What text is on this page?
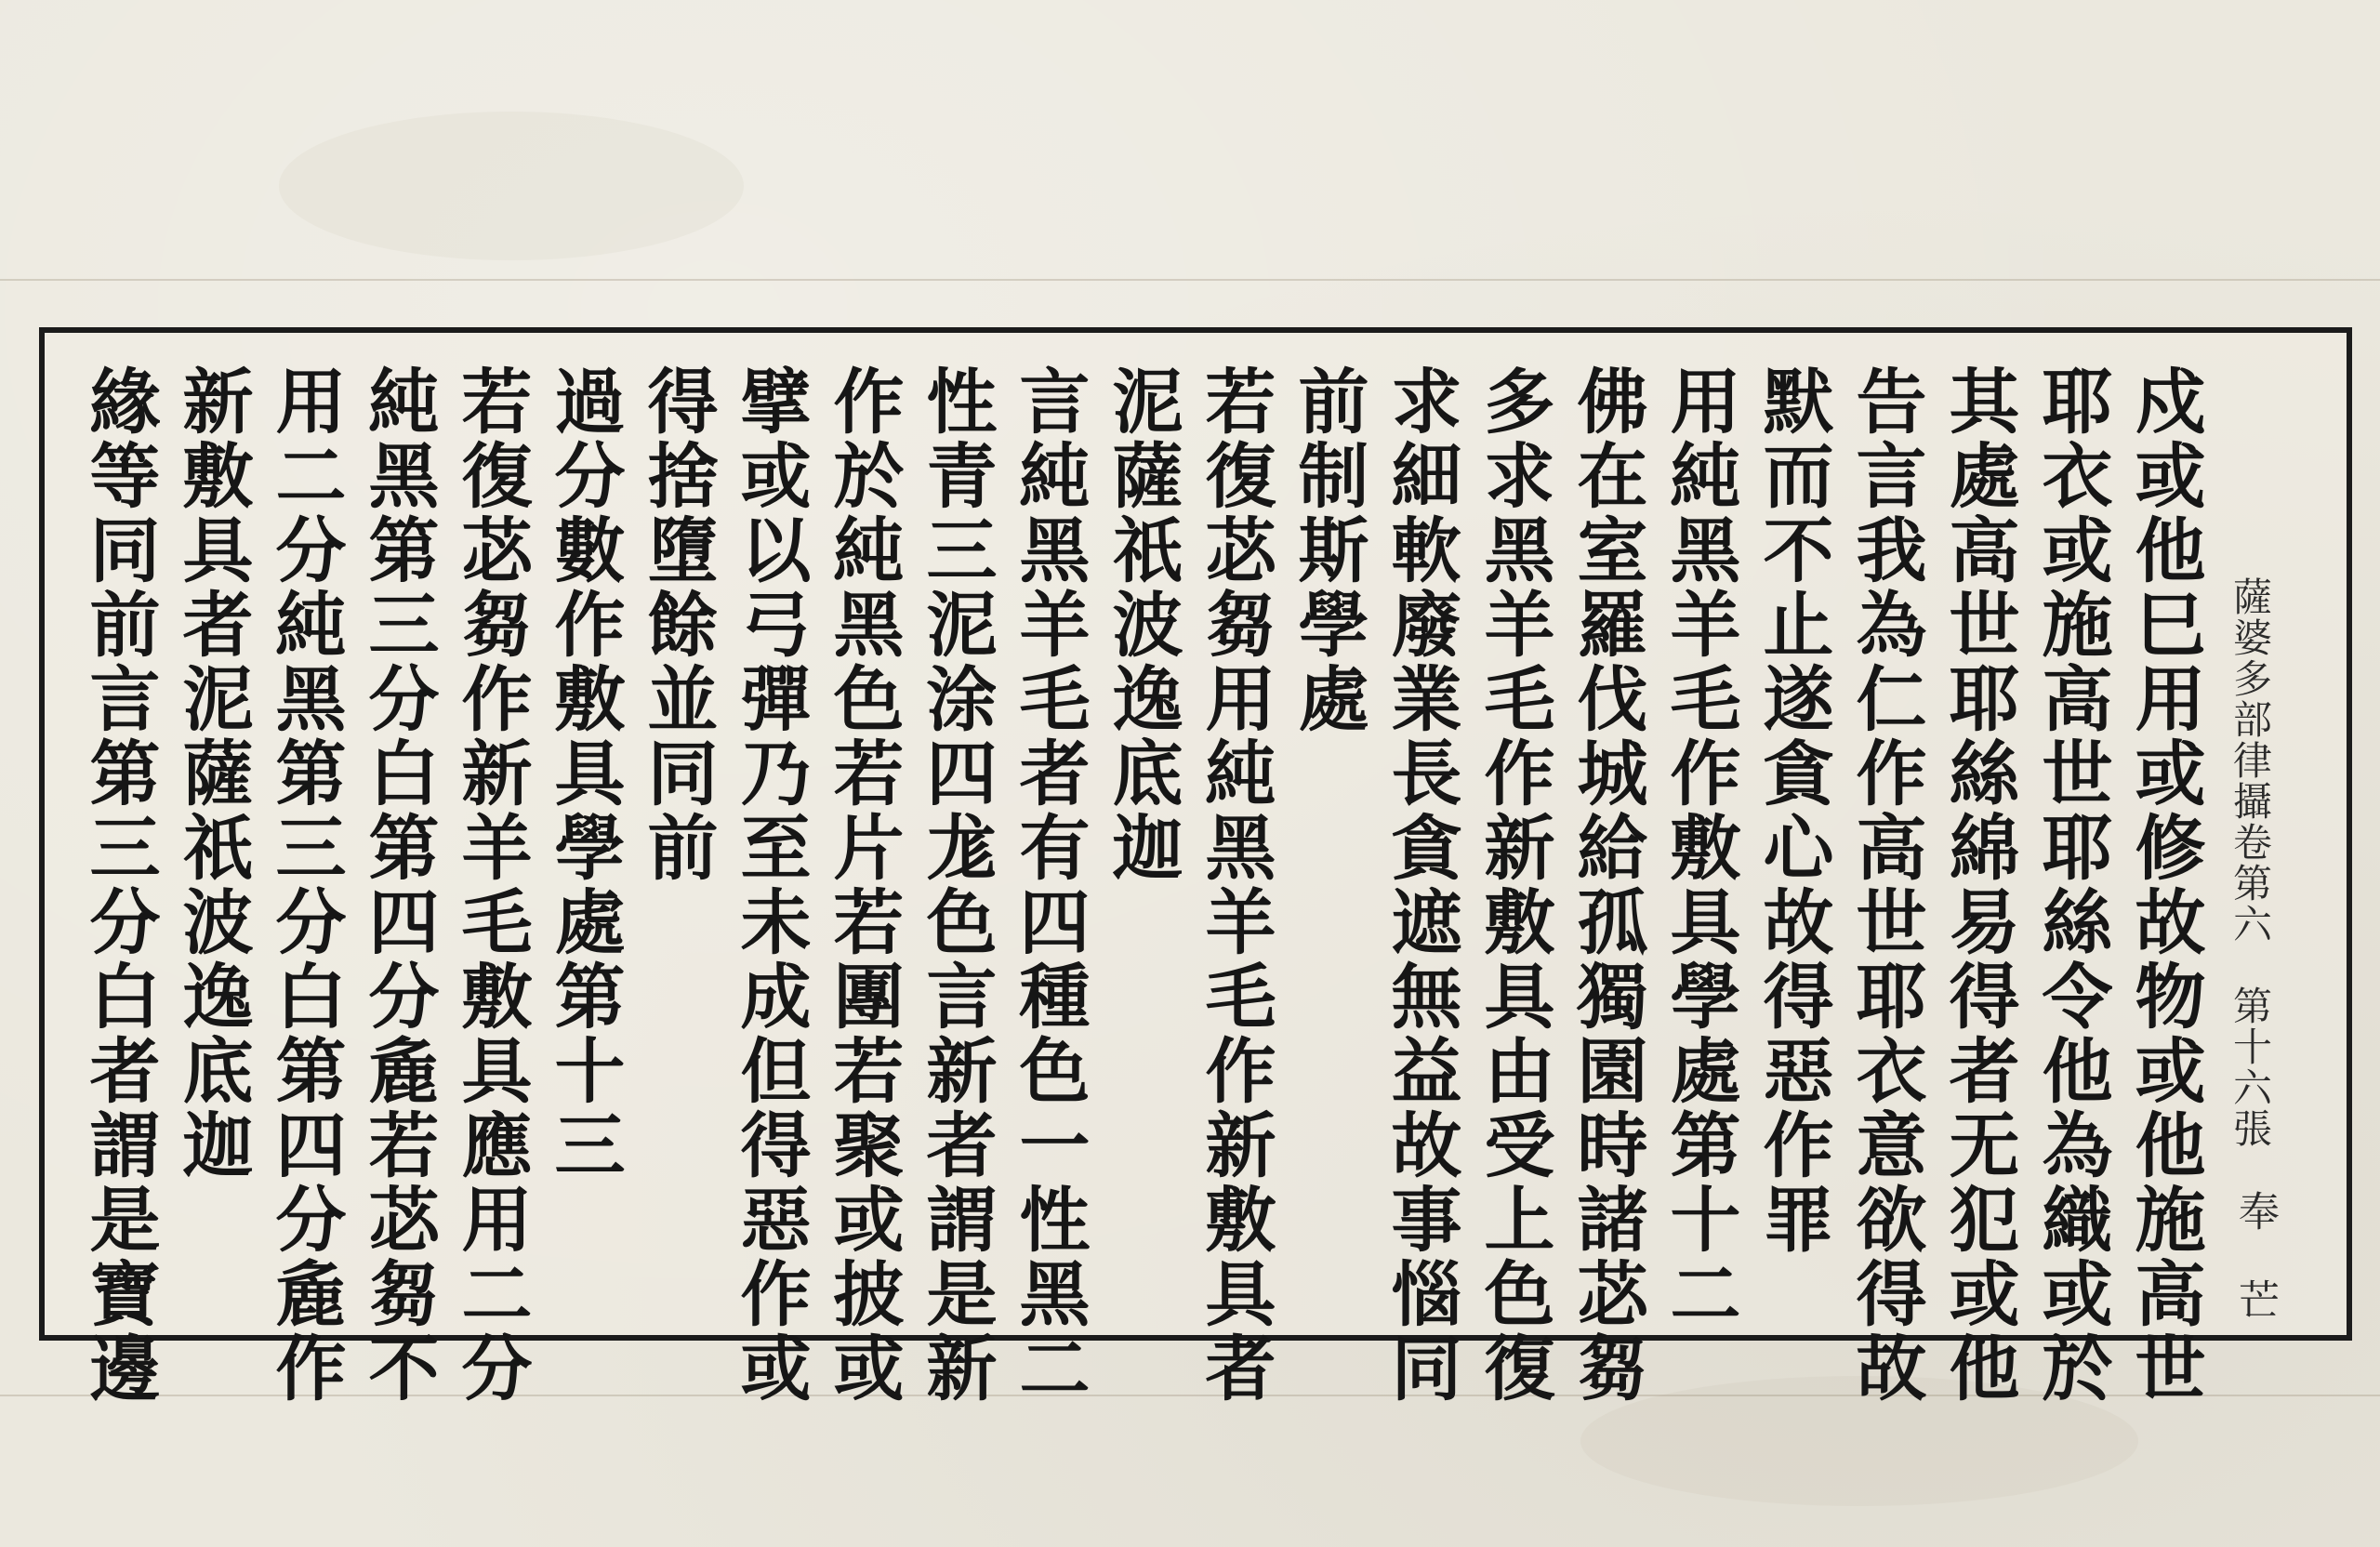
薩婆多部律攝卷第六　第十六張
奉 芒
戍或他巳用或修故物或他施高世
耶衣或施高世耶絲令他為織或於
其處高世耶絲綿易得者无犯或他
告言我為仁作高世耶衣意欲得故
默而不止遂貪心故得惡作罪
用純黑羊毛作敷具學處第十二
佛在室羅伐城給孤獨園時諸苾芻
多求黑羊毛作新敷具由受上色復
求細軟廢業長貪遮無益故事惱同
前制斯學處
若復苾芻用純黑羊毛作新敷具者
泥薩祇波逸底迦
言純黑羊毛者有四種色一性黑二
性青三泥涂四尨色言新者謂是新
作於純黑色若片若團若聚或披或
擘或以弓彈乃至未成但得惡作或
得捨墮餘並同前
過分數作敷具學處第十三
若復苾芻作新羊毛敷具應用二分
純黑第三分白第四分麁若苾芻不
用二分純黑第三分白第四分麁作
新敷具者泥薩祇波逸底迦
緣等同前言第三分白者謂是寶邊
